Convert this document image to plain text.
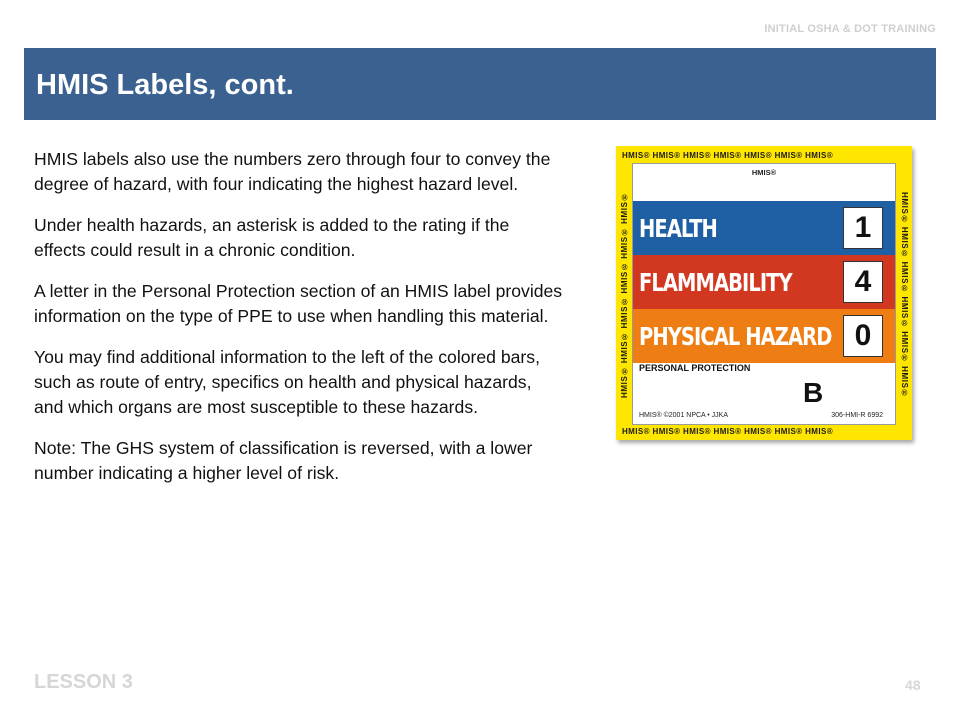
INITIAL OSHA & DOT TRAINING
HMIS Labels, cont.

HMIS labels also use the numbers zero through four to convey the degree of hazard, with four indicating the highest hazard level.

Under health hazards, an asterisk is added to the rating if the effects could result in a chronic condition.

A letter in the Personal Protection section of an HMIS label provides information on the type of PPE to use when handling this material.

You may find additional information to the left of the colored bars, such as route of entry, specifics on health and physical hazards, and which organs are most susceptible to these hazards.

Note: The GHS system of classification is reversed, with a lower number indicating a higher level of risk.

HMIS® HMIS® HMIS® HMIS® HMIS® HMIS® HMIS®
HMIS® HMIS® HMIS® HMIS® HMIS® HMIS® HMIS®
HMIS® HMIS® HMIS® HMIS® HMIS® HMIS®	HMIS® HMIS® HMIS® HMIS® HMIS® HMIS®
HMIS®
HEALTH	1
FLAMMABILITY	4
PHYSICAL HAZARD 0
PERSONAL PROTECTION
B
HMIS® ©2001 NPCA • JJKA	306-HMI-R 6992
LESSON 3	48
